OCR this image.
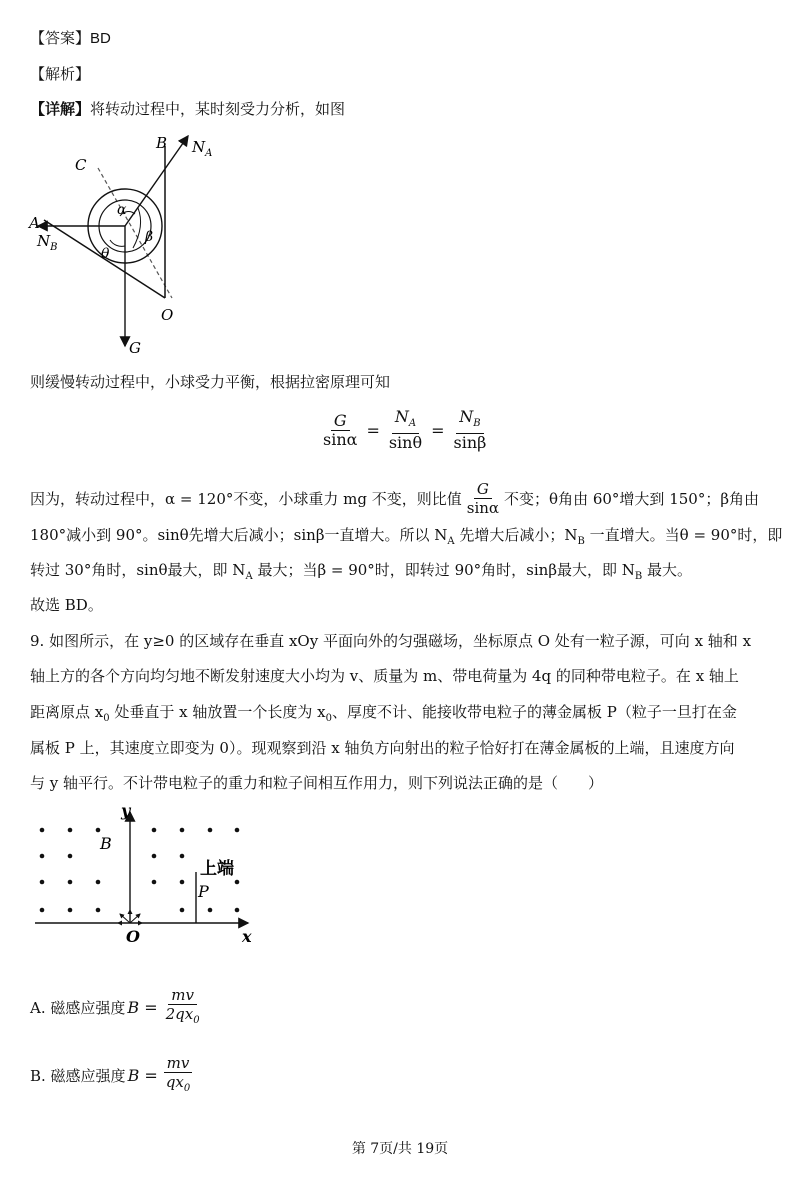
【答案】BD
【解析】
【详解】将转动过程中，某时刻受力分析，如图
B $N_A$
C
A
$N_B$
α
β
θ
O
G
则缓慢转动过程中，小球受力平衡，根据拉密原理可知
$\frac{G}{\sin\alpha} = \frac{N_A}{\sin\theta} = \frac{N_B}{\sin\beta}$
因为，转动过程中， α = 120°不变，小球重力 mg 不变，则比值 $\frac{G}{\sin\alpha}$ 不变；θ角由 60°增大到 150°；β角由
180°减小到 90°。sinθ先增大后减小；sinβ一直增大。所以 $N_A$ 先增大后减小；$N_B$ 一直增大。当θ = 90°时，即
转过 30°角时，sinθ最大，即 $N_A$ 最大；当β = 90°时，即转过 90°角时，sinβ最大，即 $N_B$ 最大。
故选 BD。
9. 如图所示，在 y≥0 的区域存在垂直 xOy 平面向外的匀强磁场，坐标原点 O 处有一粒子源，可向 x 轴和 x
轴上方的各个方向均匀地不断发射速度大小均为 v、质量为 m、带电荷量为 4q 的同种带电粒子。在 x 轴上
距离原点 $x_0$ 处垂直于 x 轴放置一个长度为 $x_0$、厚度不计、能接收带电粒子的薄金属板 P（粒子一旦打在金
属板 P 上，其速度立即变为 0）。现观察到沿 x 轴负方向射出的粒子恰好打在薄金属板的上端，且速度方向
与 y 轴平行。不计带电粒子的重力和粒子间相互作用力，则下列说法正确的是（　　）
y
B
上端
P
O	x
A. 磁感应强度 $B = \frac{mv}{2qx_0}$
B. 磁感应强度 $B = \frac{mv}{qx_0}$
第 7页/共 19页
